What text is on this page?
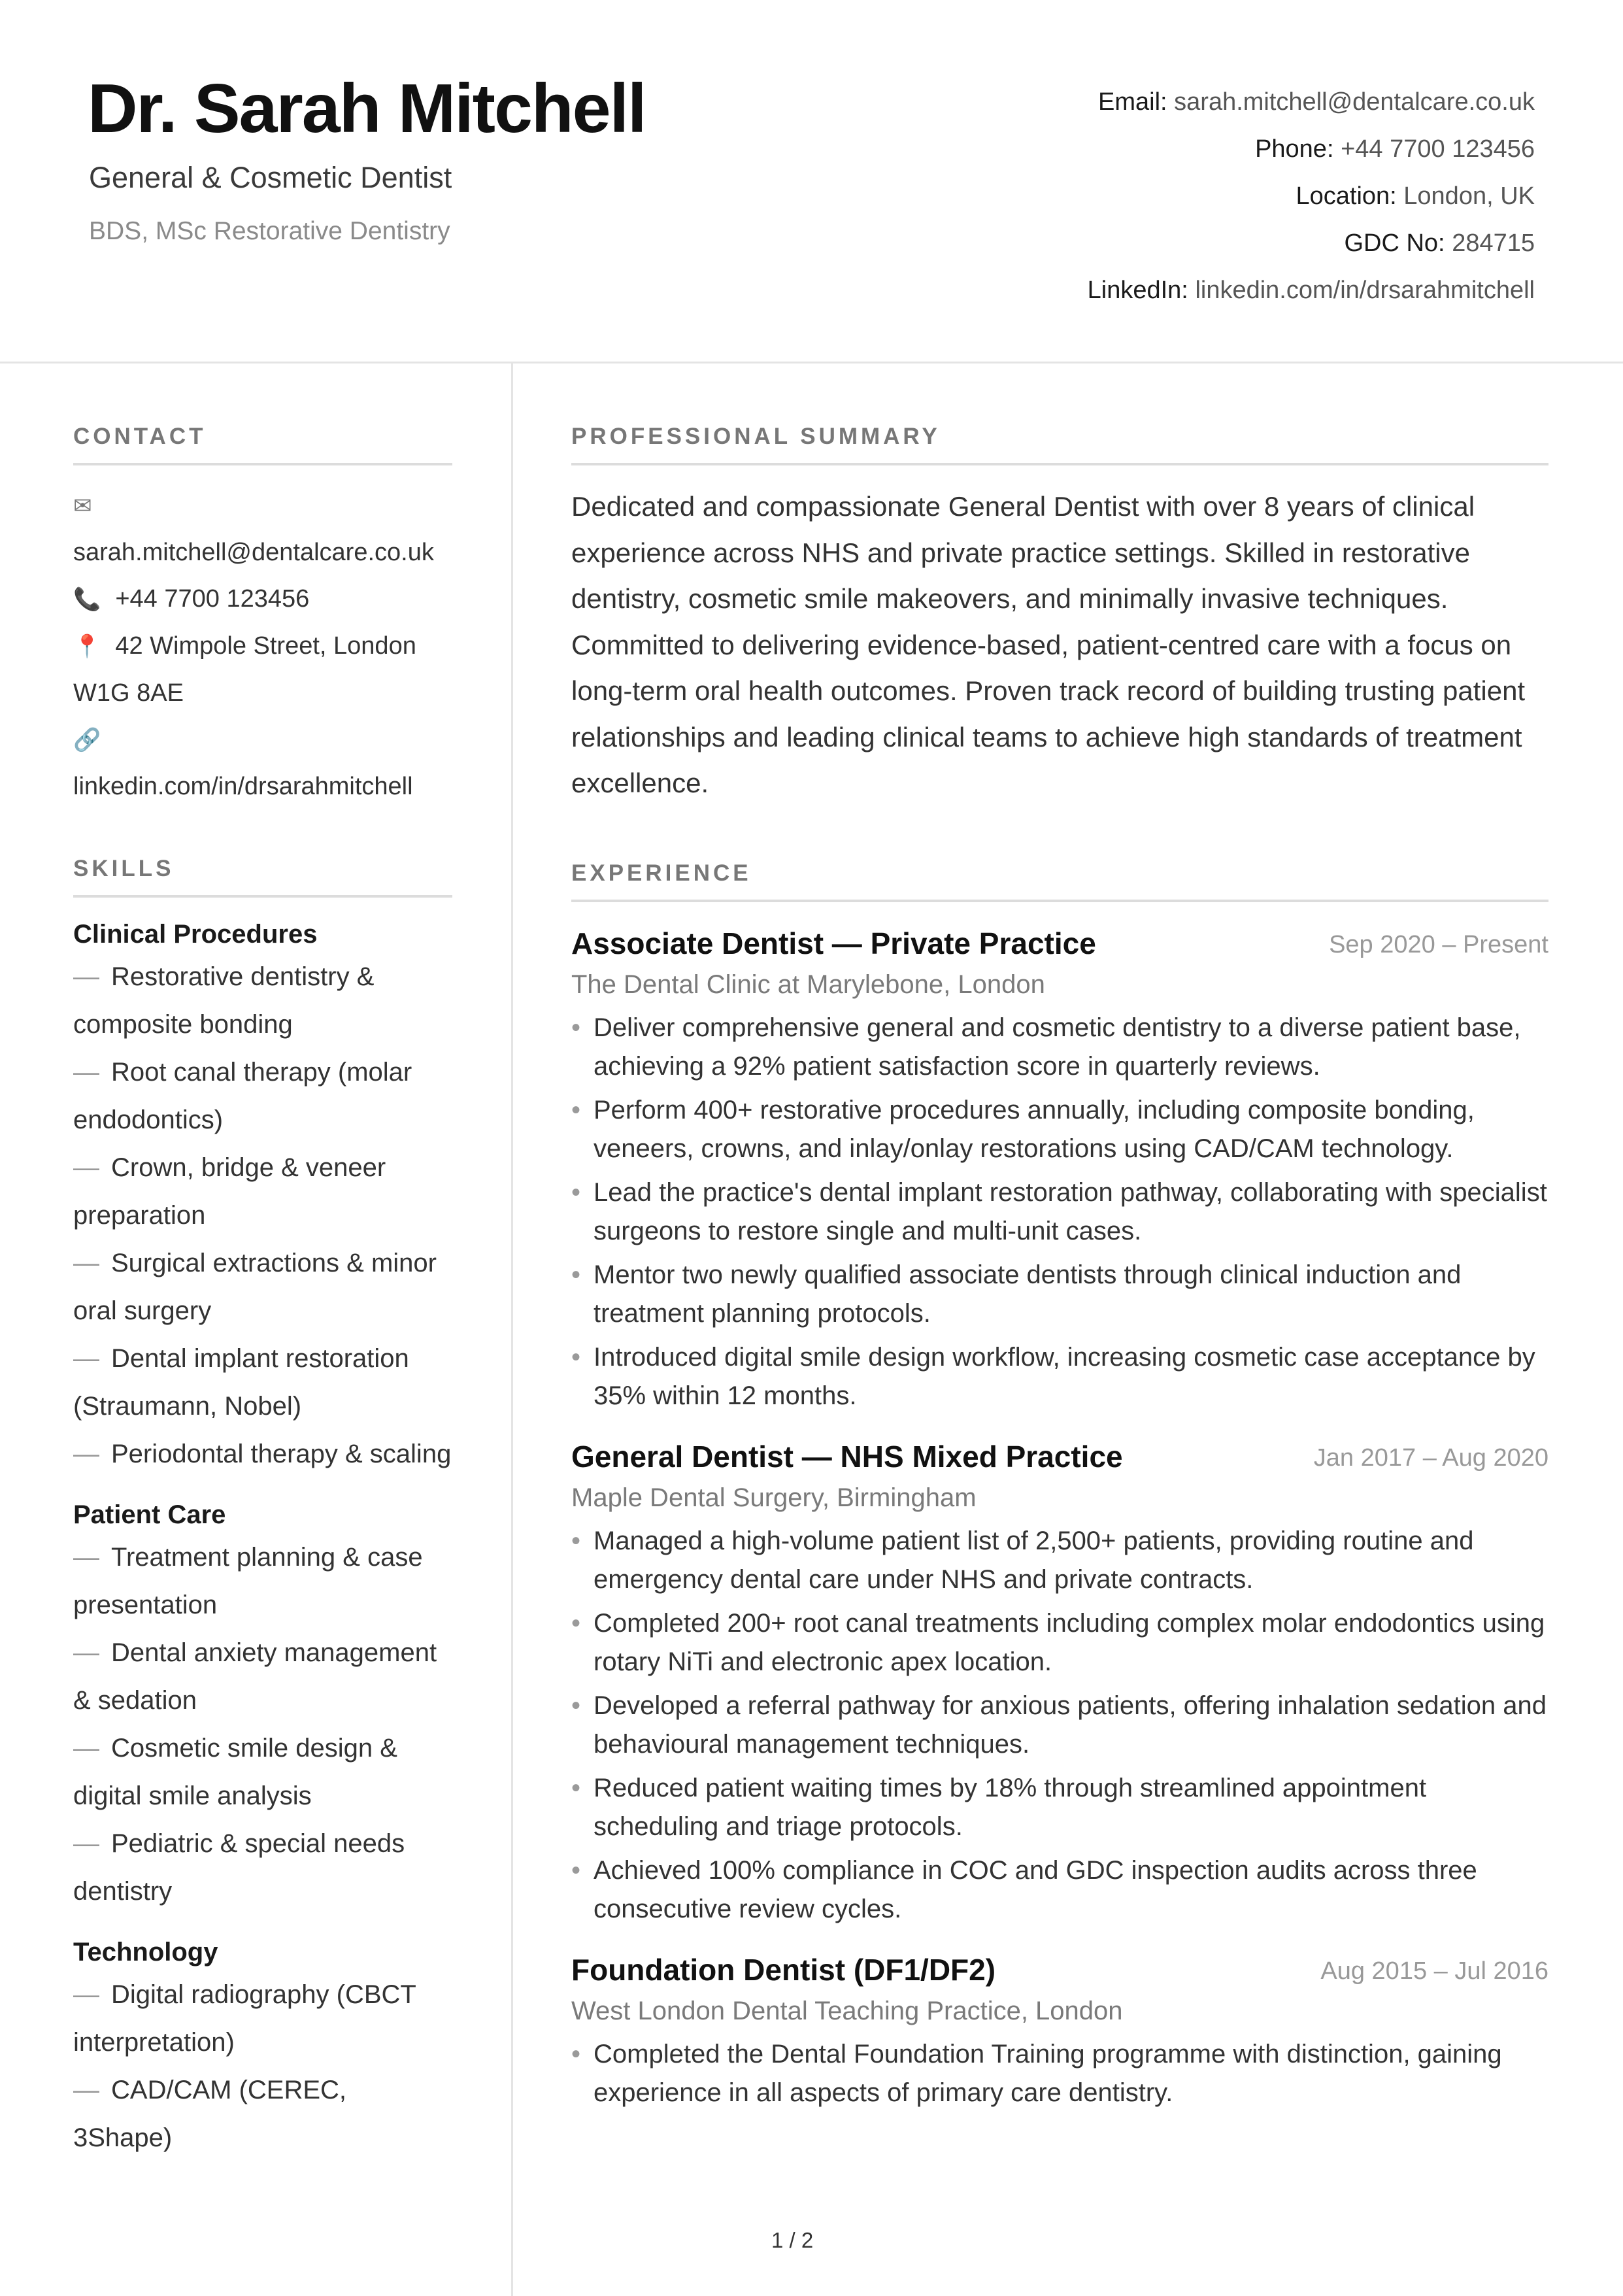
Dr. Sarah Mitchell
General & Cosmetic Dentist
BDS, MSc Restorative Dentistry
Email: sarah.mitchell@dentalcare.co.uk
Phone: +44 7700 123456
Location: London, UK
GDC No: 284715
LinkedIn: linkedin.com/in/drsarahmitchell
CONTACT
✉
sarah.mitchell@dentalcare.co.uk
📞 +44 7700 123456
📍 42 Wimpole Street, London W1G 8AE
🔗
linkedin.com/in/drsarahmitchell
SKILLS
Clinical Procedures
— Restorative dentistry & composite bonding
— Root canal therapy (molar endodontics)
— Crown, bridge & veneer preparation
— Surgical extractions & minor oral surgery
— Dental implant restoration (Straumann, Nobel)
— Periodontal therapy & scaling
Patient Care
— Treatment planning & case presentation
— Dental anxiety management & sedation
— Cosmetic smile design & digital smile analysis
— Pediatric & special needs dentistry
Technology
— Digital radiography (CBCT interpretation)
— CAD/CAM (CEREC, 3Shape)
PROFESSIONAL SUMMARY
Dedicated and compassionate General Dentist with over 8 years of clinical experience across NHS and private practice settings. Skilled in restorative dentistry, cosmetic smile makeovers, and minimally invasive techniques. Committed to delivering evidence-based, patient-centred care with a focus on long-term oral health outcomes. Proven track record of building trusting patient relationships and leading clinical teams to achieve high standards of treatment excellence.
EXPERIENCE
Associate Dentist — Private Practice	Sep 2020 – Present
The Dental Clinic at Marylebone, London
• Deliver comprehensive general and cosmetic dentistry to a diverse patient base, achieving a 92% patient satisfaction score in quarterly reviews.
• Perform 400+ restorative procedures annually, including composite bonding, veneers, crowns, and inlay/onlay restorations using CAD/CAM technology.
• Lead the practice's dental implant restoration pathway, collaborating with specialist surgeons to restore single and multi-unit cases.
• Mentor two newly qualified associate dentists through clinical induction and treatment planning protocols.
• Introduced digital smile design workflow, increasing cosmetic case acceptance by 35% within 12 months.
General Dentist — NHS Mixed Practice	Jan 2017 – Aug 2020
Maple Dental Surgery, Birmingham
• Managed a high-volume patient list of 2,500+ patients, providing routine and emergency dental care under NHS and private contracts.
• Completed 200+ root canal treatments including complex molar endodontics using rotary NiTi and electronic apex location.
• Developed a referral pathway for anxious patients, offering inhalation sedation and behavioural management techniques.
• Reduced patient waiting times by 18% through streamlined appointment scheduling and triage protocols.
• Achieved 100% compliance in COC and GDC inspection audits across three consecutive review cycles.
Foundation Dentist (DF1/DF2)	Aug 2015 – Jul 2016
West London Dental Teaching Practice, London
• Completed the Dental Foundation Training programme with distinction, gaining experience in all aspects of primary care dentistry.
1 / 2
